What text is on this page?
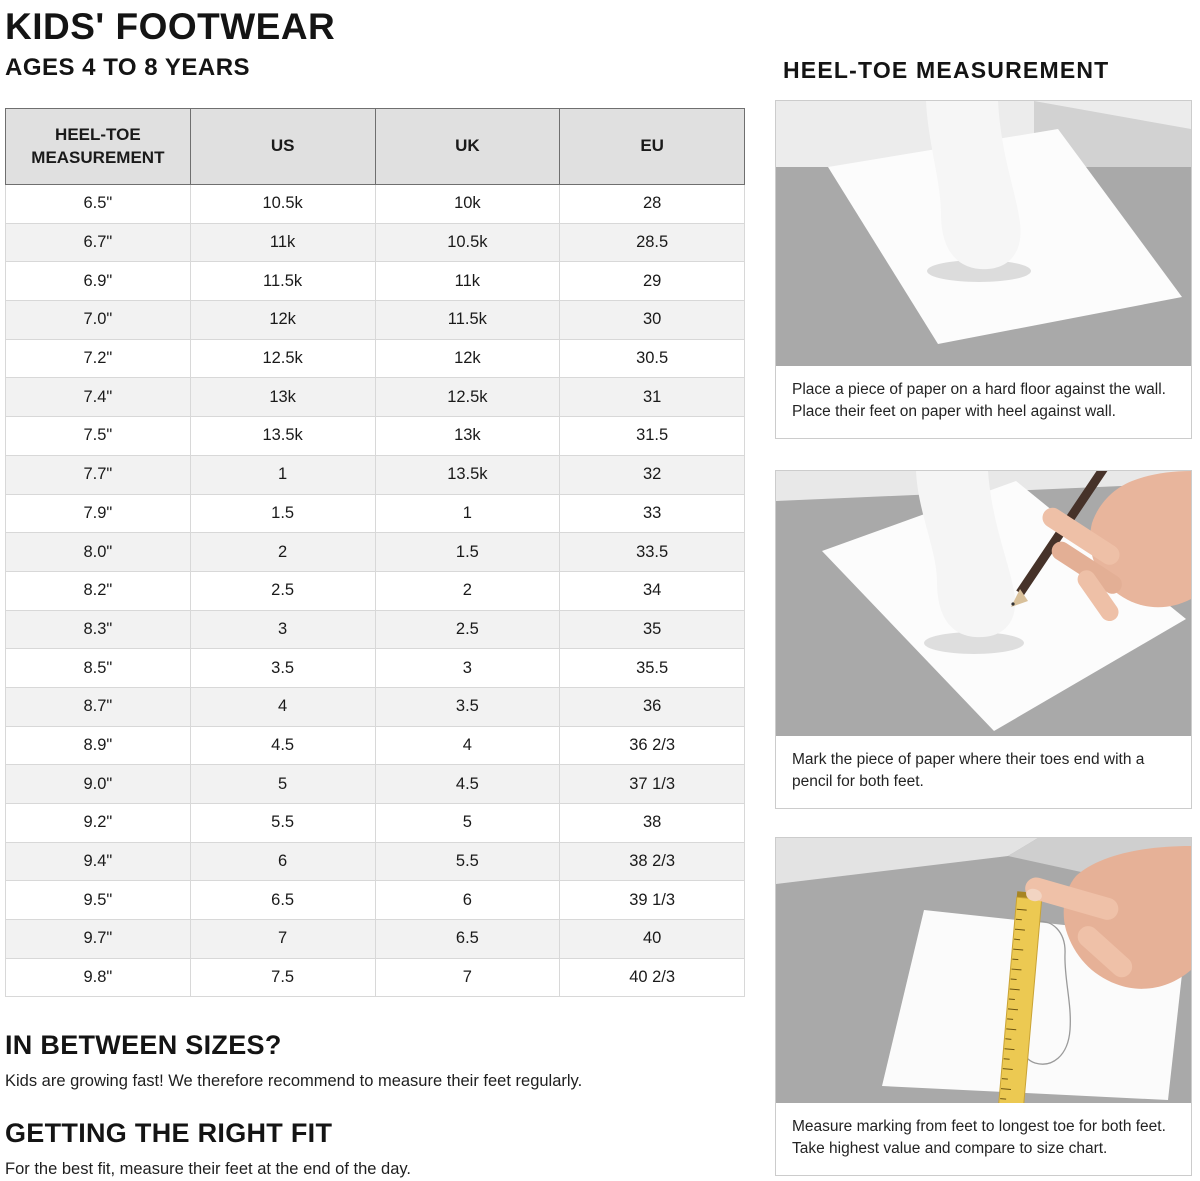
KIDS' FOOTWEAR
AGES 4 TO 8 YEARS
HEEL-TOE MEASUREMENT	US	UK	EU
6.5"	10.5k	10k	28
6.7"	11k	10.5k	28.5
6.9"	11.5k	11k	29
7.0"	12k	11.5k	30
7.2"	12.5k	12k	30.5
7.4"	13k	12.5k	31
7.5"	13.5k	13k	31.5
7.7"	1	13.5k	32
7.9"	1.5	1	33
8.0"	2	1.5	33.5
8.2"	2.5	2	34
8.3"	3	2.5	35
8.5"	3.5	3	35.5
8.7"	4	3.5	36
8.9"	4.5	4	36 2/3
9.0"	5	4.5	37 1/3
9.2"	5.5	5	38
9.4"	6	5.5	38 2/3
9.5"	6.5	6	39 1/3
9.7"	7	6.5	40
9.8"	7.5	7	40 2/3
IN BETWEEN SIZES?

Kids are growing fast! We therefore recommend to measure their feet regularly.

GETTING THE RIGHT FIT

For the best fit, measure their feet at the end of the day.

HEEL-TOE MEASUREMENT
Place a piece of paper on a hard floor against the wall. Place their feet on paper with heel against wall.
Mark the piece of paper where their toes end with a pencil for both feet.
Measure marking from feet to longest toe for both feet. Take highest value and compare to size chart.
